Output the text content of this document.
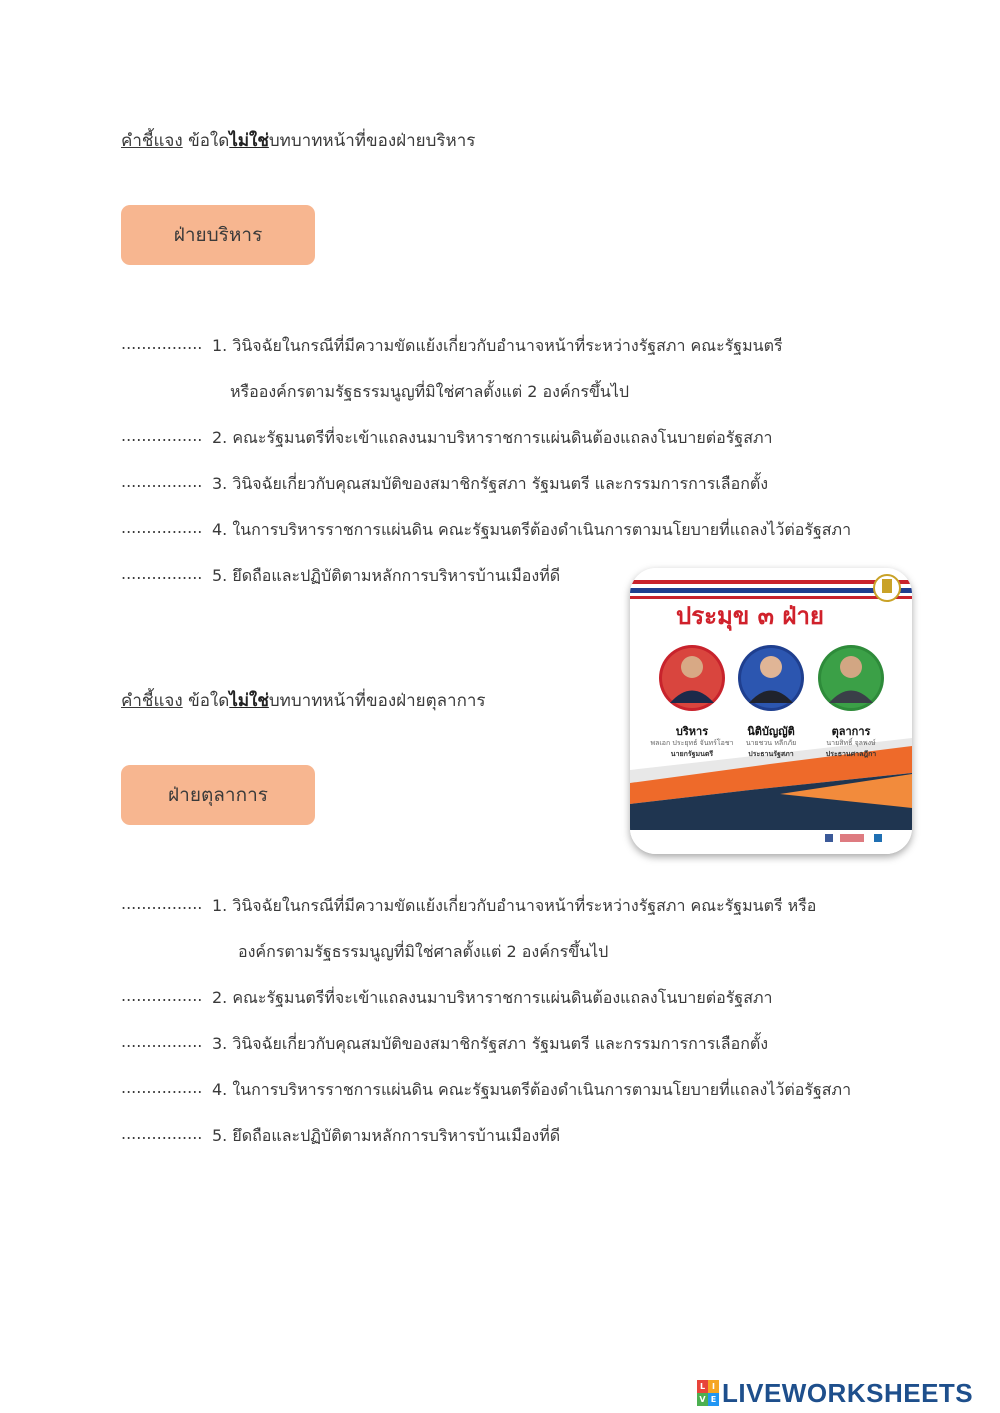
คำชี้แจง ข้อใดไม่ใช่บทบาทหน้าที่ของฝ่ายบริหาร
ฝ่ายบริหาร
................ 1. วินิจฉัยในกรณีที่มีความขัดแย้งเกี่ยวกับอำนาจหน้าที่ระหว่างรัฐสภา คณะรัฐมนตรี
หรือองค์กรตามรัฐธรรมนูญที่มิใช่ศาลตั้งแต่ 2 องค์กรขึ้นไป
................ 2. คณะรัฐมนตรีที่จะเข้าแถลงนมาบริหาราชการแผ่นดินต้องแถลงโนบายต่อรัฐสภา
................ 3. วินิจฉัยเกี่ยวกับคุณสมบัติของสมาชิกรัฐสภา รัฐมนตรี และกรรมการการเลือกตั้ง
................ 4. ในการบริหารราชการแผ่นดิน คณะรัฐมนตรีต้องดำเนินการตามนโยบายที่แถลงไว้ต่อรัฐสภา
................ 5. ยึดถือและปฏิบัติตามหลักการบริหารบ้านเมืองที่ดี
ประมุข ๓ ฝ่าย
บริหาร
พลเอก ประยุทธ์ จันทร์โอชา
นายกรัฐมนตรี
นิติบัญญัติ
นายชวน หลีกภัย
ประธานรัฐสภา
ตุลาการ
นายสิทธิ์ จุลพงษ์
ประธานศาลฎีกา
คำชี้แจง ข้อใดไม่ใช่บทบาทหน้าที่ของฝ่ายตุลาการ
ฝ่ายตุลาการ
................ 1. วินิจฉัยในกรณีที่มีความขัดแย้งเกี่ยวกับอำนาจหน้าที่ระหว่างรัฐสภา คณะรัฐมนตรี หรือ
องค์กรตามรัฐธรรมนูญที่มิใช่ศาลตั้งแต่ 2 องค์กรขึ้นไป
................ 2. คณะรัฐมนตรีที่จะเข้าแถลงนมาบริหาราชการแผ่นดินต้องแถลงโนบายต่อรัฐสภา
................ 3. วินิจฉัยเกี่ยวกับคุณสมบัติของสมาชิกรัฐสภา รัฐมนตรี และกรรมการการเลือกตั้ง
................ 4. ในการบริหารราชการแผ่นดิน คณะรัฐมนตรีต้องดำเนินการตามนโยบายที่แถลงไว้ต่อรัฐสภา
................ 5. ยึดถือและปฏิบัติตามหลักการบริหารบ้านเมืองที่ดี
L I
V E LIVEWORKSHEETS
